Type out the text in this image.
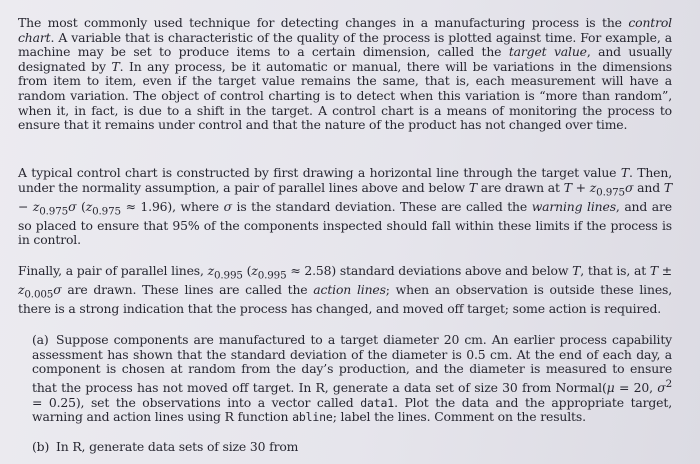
The most commonly used technique for detecting changes in a manufacturing process is the control chart. A variable that is characteristic of the quality of the process is plotted against time. For example, a machine may be set to produce items to a certain dimension, called the target value, and usually designated by T. In any process, be it automatic or manual, there will be variations in the dimensions from item to item, even if the target value remains the same, that is, each measurement will have a random variation. The object of control charting is to detect when this variation is “more than random”, when it, in fact, is due to a shift in the target. A control chart is a means of monitoring the process to ensure that it remains under control and that the nature of the product has not changed over time.

A typical control chart is constructed by first drawing a horizontal line through the target value T. Then, under the normality assumption, a pair of parallel lines above and below T are drawn at $T + z_{0.975}\sigma$ and $T - z_{0.975}\sigma$ $(z_{0.975} \approx 1.96)$, where σ is the standard deviation. These are called the warning lines, and are so placed to ensure that 95% of the components inspected should fall within these limits if the process is in control.

Finally, a pair of parallel lines, $z_{0.995}$ $(z_{0.995} \approx 2.58)$ standard deviations above and below T, that is, at $T \pm z_{0.005}\sigma$ are drawn. These lines are called the action lines; when an observation is outside these lines, there is a strong indication that the process has changed, and moved off target; some action is required.

(a) Suppose components are manufactured to a target diameter 20 cm. An earlier process capability assessment has shown that the standard deviation of the diameter is 0.5 cm. At the end of each day, a component is chosen at random from the day’s production, and the diameter is measured to ensure that the process has not moved off target. In R, generate a data set of size 30 from Normal(μ = 20, $\sigma^2 = 0.25$), set the observations into a vector called data1. Plot the data and the appropriate target, warning and action lines using R function abline; label the lines. Comment on the results.

(b) In R, generate data sets of size 30 from
